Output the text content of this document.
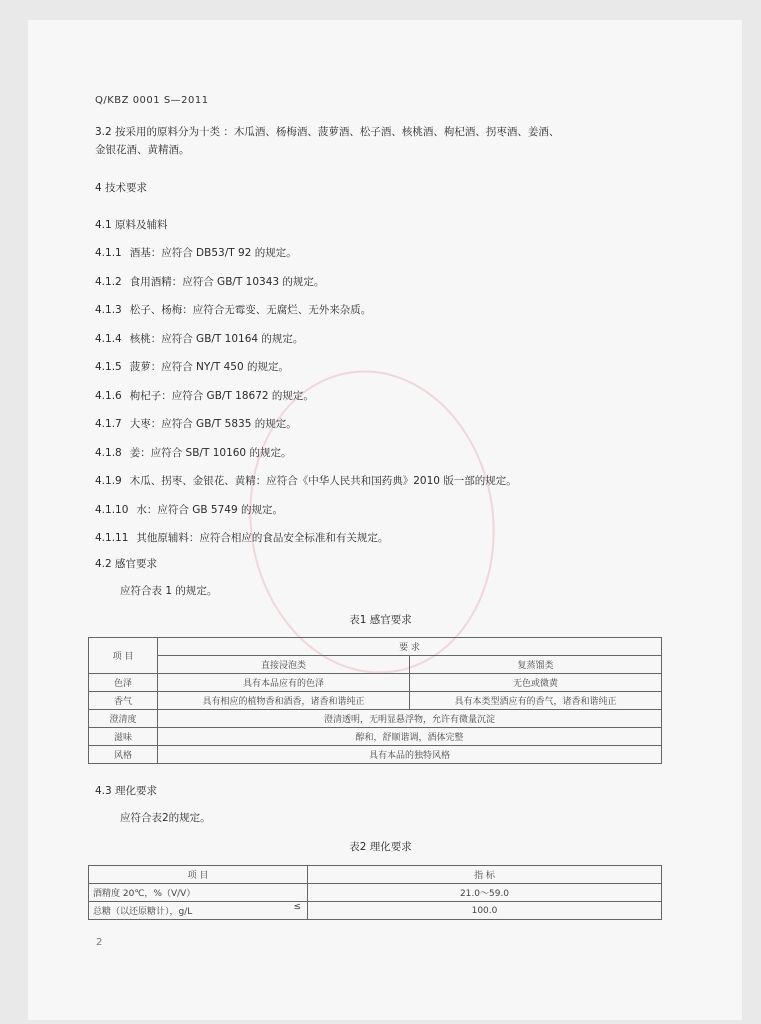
Q/KBZ 0001 S—2011
3.2 按采用的原料分为十类 ：木瓜酒、杨梅酒、菠萝酒、松子酒、核桃酒、枸杞酒、拐枣酒、姜酒、
金银花酒、黄精酒。
4 技术要求
4.1 原料及辅料
4.1.1 酒基：应符合 DB53/T 92 的规定。
4.1.2 食用酒精：应符合 GB/T 10343 的规定。
4.1.3 松子、杨梅：应符合无霉变、无腐烂、无外来杂质。
4.1.4 核桃：应符合 GB/T 10164 的规定。
4.1.5 菠萝：应符合 NY/T 450 的规定。
4.1.6 枸杞子：应符合 GB/T 18672 的规定。
4.1.7 大枣：应符合 GB/T 5835 的规定。
4.1.8 姜：应符合 SB/T 10160 的规定。
4.1.9 木瓜、拐枣、金银花、黄精：应符合《中华人民共和国药典》2010 版一部的规定。
4.1.10 水：应符合 GB 5749 的规定。
4.1.11 其他原辅料：应符合相应的食品安全标准和有关规定。
4.2 感官要求
应符合表 1 的规定。
表1 感官要求
项 目	要 求	
	直接浸泡类	复蒸馏类
色泽	具有本品应有的色泽	无色或微黄
香气	具有相应的植物香和酒香，诸香和谐纯正	具有本类型酒应有的香气，诸香和谐纯正
澄清度	澄清透明，无明显悬浮物，允许有微量沉淀	
滋味	醇和，舒顺谐调，酒体完整	
风格	具有本品的独特风格	
4.3 理化要求
应符合表2的规定。
表2 理化要求
项 目	指 标
酒精度 20℃，%（V/V）	21.0～59.0
总糖（以还原糖计），g/L ≤	100.0
2
